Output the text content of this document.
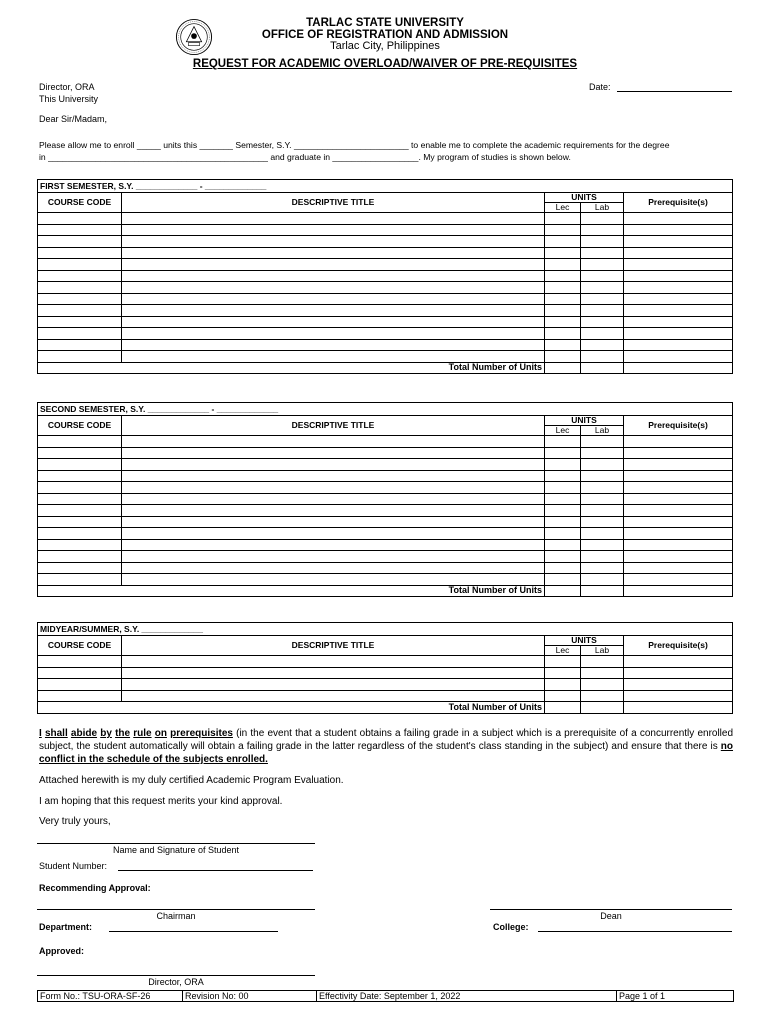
TARLAC STATE UNIVERSITY
OFFICE OF REGISTRATION AND ADMISSION
Tarlac City, Philippines
REQUEST FOR ACADEMIC OVERLOAD/WAIVER OF PRE-REQUISITES
Director, ORA
This University
Date:
Dear Sir/Madam,
Please allow me to enroll _____ units this _______ Semester, S.Y. ________________________ to enable me to complete the academic requirements for the degree
in ______________________________________________ and graduate in __________________. My program of studies is shown below.
FIRST SEMESTER, S.Y. _____________ - _____________				
COURSE CODE	DESCRIPTIVE TITLE	UNITS		Prerequisite(s)
		Lec	Lab	

Total Number of Units				
SECOND SEMESTER, S.Y. _____________ - _____________				
COURSE CODE	DESCRIPTIVE TITLE	UNITS		Prerequisite(s)
		Lec	Lab	

Total Number of Units				
MIDYEAR/SUMMER, S.Y. _____________				
COURSE CODE	DESCRIPTIVE TITLE	UNITS		Prerequisite(s)
		Lec	Lab	

Total Number of Units				
I shall abide by the rule on prerequisites (in the event that a student obtains a failing grade in a subject which is a prerequisite of a concurrently enrolled subject, the student automatically will obtain a failing grade in the latter regardless of the student's class standing in the subject) and ensure that there is no conflict in the schedule of the subjects enrolled.
Attached herewith is my duly certified Academic Program Evaluation.
I am hoping that this request merits your kind approval.
Very truly yours,
Name and Signature of Student
Student Number:
Recommending Approval:
Chairman
Department:
Dean
College:
Approved:
Director, ORA
Form No.: TSU-ORA-SF-26	Revision No: 00	Effectivity Date: September 1, 2022	Page 1 of 1
